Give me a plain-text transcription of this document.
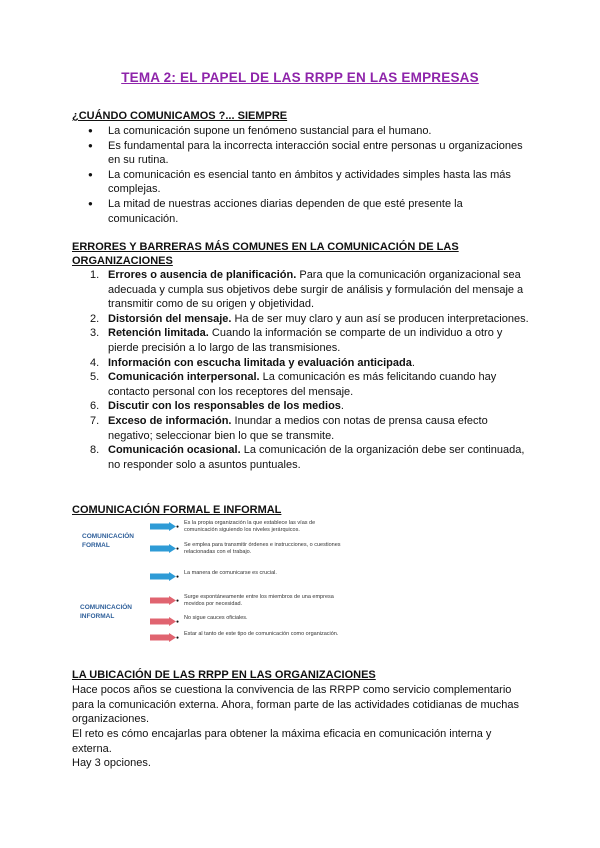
TEMA 2: EL PAPEL DE LAS RRPP EN LAS EMPRESAS
¿CUÁNDO COMUNICAMOS ?... SIEMPRE
● La comunicación supone un fenómeno sustancial para el humano.
● Es fundamental para la incorrecta interacción social entre personas u organizaciones en su rutina.
● La comunicación es esencial tanto en ámbitos y actividades simples hasta las más complejas.
● La mitad de nuestras acciones diarias dependen de que esté presente la comunicación.
ERRORES Y BARRERAS MÁS COMUNES EN LA COMUNICACIÓN DE LAS ORGANIZACIONES
1. Errores o ausencia de planificación. Para que la comunicación organizacional sea adecuada y cumpla sus objetivos debe surgir de análisis y formulación del mensaje a transmitir como de su origen y objetividad.
2. Distorsión del mensaje. Ha de ser muy claro y aun así se producen interpretaciones.
3. Retención limitada. Cuando la información se comparte de un individuo a otro y pierde precisión a lo largo de las transmisiones.
4. Información con escucha limitada y evaluación anticipada.
5. Comunicación interpersonal. La comunicación es más felicitando cuando hay contacto personal con los receptores del mensaje.
6. Discutir con los responsables de los medios.
7. Exceso de información. Inundar a medios con notas de prensa causa efecto negativo; seleccionar bien lo que se transmite.
8. Comunicación ocasional. La comunicación de la organización debe ser continuada, no responder solo a asuntos puntuales.
COMUNICACIÓN FORMAL E INFORMAL
COMUNICACIÓN FORMAL
COMUNICACIÓN INFORMAL
●
Es la propia organización la que establece las vías de comunicación siguiendo los niveles jerárquicos.
●
Se emplea para transmitir órdenes e instrucciones, o cuestiones relacionadas con el trabajo.
●
La manera de comunicarse es crucial.
●
Surge espontáneamente entre los miembros de una empresa movidos por necesidad.
●
No sigue cauces oficiales.
●
Estar al tanto de este tipo de comunicación como organización.
LA UBICACIÓN DE LAS RRPP EN LAS ORGANIZACIONES
Hace pocos años se cuestiona la convivencia de las RRPP como servicio complementario para la comunicación externa. Ahora, forman parte de las actividades cotidianas de muchas organizaciones.
El reto es cómo encajarlas para obtener la máxima eficacia en comunicación interna y externa.
Hay 3 opciones.
